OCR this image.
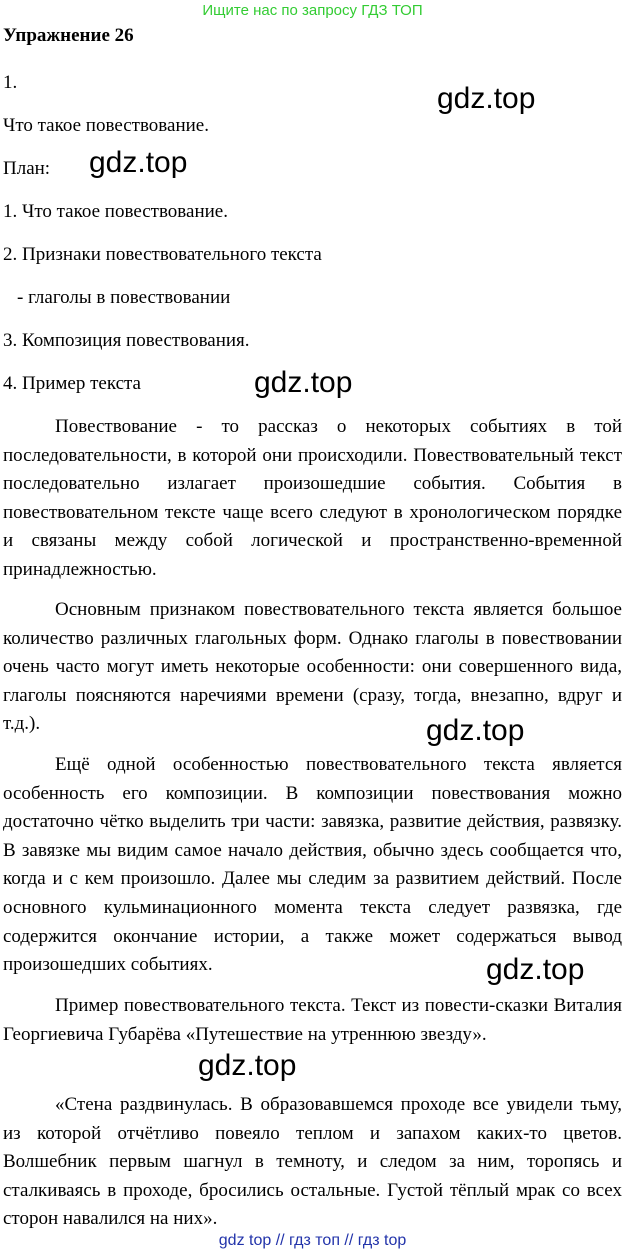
Ищите нас по запросу ГДЗ ТОП
Упражнение 26
1.
Что такое повествование.
План:
1. Что такое повествование.
2. Признаки повествовательного текста
- глаголы в повествовании
3. Композиция повествования.
4. Пример текста
Повествование - то рассказ о некоторых событиях в той последовательности, в которой они происходили. Повествовательный текст последовательно излагает произошедшие события. События в повествовательном тексте чаще всего следуют в хронологическом порядке и связаны между собой логической и пространственно-временной принадлежностью.
Основным признаком повествовательного текста является большое количество различных глагольных форм. Однако глаголы в повествовании очень часто могут иметь некоторые особенности: они совершенного вида, глаголы поясняются наречиями времени (сразу, тогда, внезапно, вдруг и т.д.).
Ещё одной особенностью повествовательного текста является особенность его композиции. В композиции повествования можно достаточно чётко выделить три части: завязка, развитие действия, развязку. В завязке мы видим самое начало действия, обычно здесь сообщается что, когда и с кем произошло. Далее мы следим за развитием действий. После основного кульминационного момента текста следует развязка, где содержится окончание истории, а также может содержаться вывод произошедших событиях.
Пример повествовательного текста. Текст из повести-сказки Виталия Георгиевича Губарёва «Путешествие на утреннюю звезду».
«Стена раздвинулась. В образовавшемся проходе все увидели тьму, из которой отчётливо повеяло теплом и запахом каких-то цветов. Волшебник первым шагнул в темноту, и следом за ним, торопясь и сталкиваясь в проходе, бросились остальные. Густой тёплый мрак со всех сторон навалился на них».
gdz.top
gdz.top
gdz.top
gdz.top
gdz.top
gdz.top
gdz top // гдз топ // гдз top
